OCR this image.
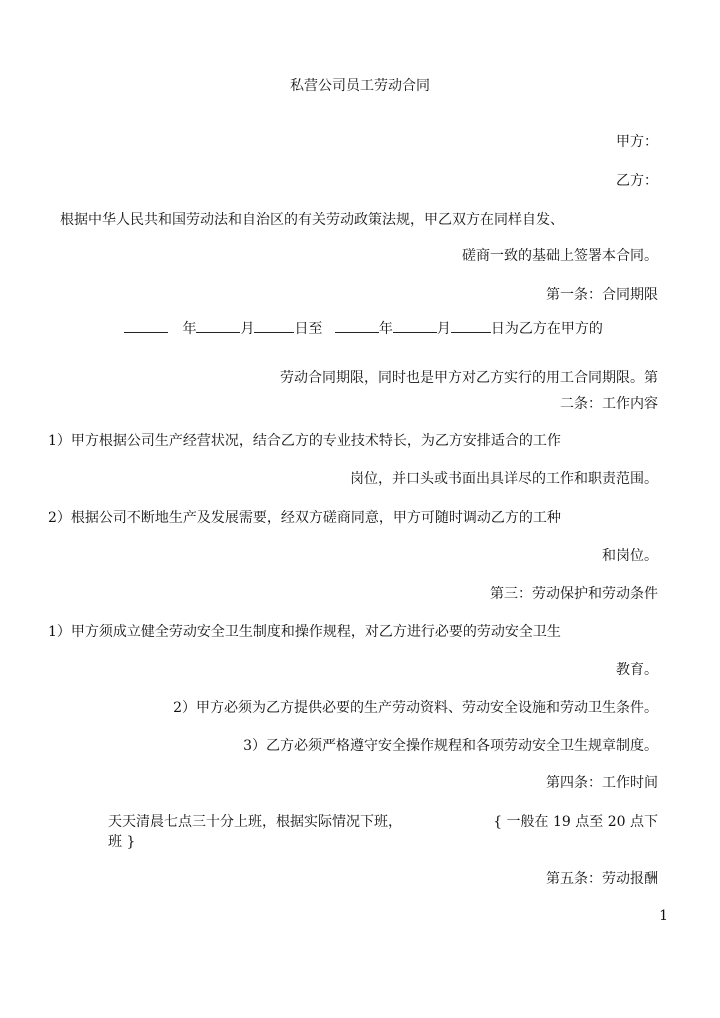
私营公司员工劳动合同
甲方：
乙方：
根据中华人民共和国劳动法和自治区的有关劳动政策法规，甲乙双方在同样自发、
磋商一致的基础上签署本合同。
第一条：合同期限
年	月	日至	年	月	日为乙方在甲方的
劳动合同期限，同时也是甲方对乙方实行的用工合同期限。第
二条：工作内容
1）甲方根据公司生产经营状况，结合乙方的专业技术特长，为乙方安排适合的工作
岗位，并口头或书面出具详尽的工作和职责范围。
2）根据公司不断地生产及发展需要，经双方磋商同意，甲方可随时调动乙方的工种
和岗位。
第三：劳动保护和劳动条件
1）甲方须成立健全劳动安全卫生制度和操作规程，对乙方进行必要的劳动安全卫生
教育。
2）甲方必须为乙方提供必要的生产劳动资料、劳动安全设施和劳动卫生条件。
3）乙方必须严格遵守安全操作规程和各项劳动安全卫生规章制度。
第四条：工作时间
天天清晨七点三十分上班，根据实际情况下班，	{ 一般在 19 点至 20 点下
班 }
第五条：劳动报酬
1
